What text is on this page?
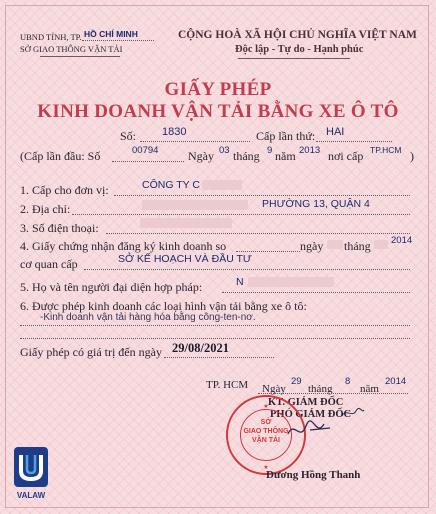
UBND TỈNH, TP. HỒ CHÍ MINH
SỞ GIAO THÔNG VẬN TẢI
CỘNG HOÀ XÃ HỘI CHỦ NGHĨA VIỆT NAM
Độc lập - Tự do - Hạnh phúc
GIẤY PHÉP
KINH DOANH VẬN TẢI BẰNG XE Ô TÔ
Số: 1830	Cấp lần thứ: HAI
(Cấp lần đầu: Số	00794 Ngày 03 tháng 9 năm 2013 nơi cấp TP.HCM )
1. Cấp cho đơn vị:	CÔNG TY C
2. Địa chỉ:	PHƯỜNG 13, QUẬN 4
3. Số điện thoại:
4. Giấy chứng nhận đăng ký kinh doanh so	ngày tháng 2014
cơ quan cấp	SỞ KẾ HOẠCH VÀ ĐẦU TƯ
5. Họ và tên người đại diện hợp pháp:	N
6. Được phép kinh doanh các loại hình vận tải bằng xe ô tô:
-Kinh doanh vận tải hàng hóa bằng công-ten-nơ.
Giấy phép có giá trị đến ngày 29/08/2021
TP. HCM Ngày
29
tháng
8
năm
2014
KT. GIÁM ĐỐC
PHÓ GIÁM ĐỐC
SỞ
GIAO THÔNG
VẬN TẢI
★
★
Dương Hồng Thanh
VALAW
